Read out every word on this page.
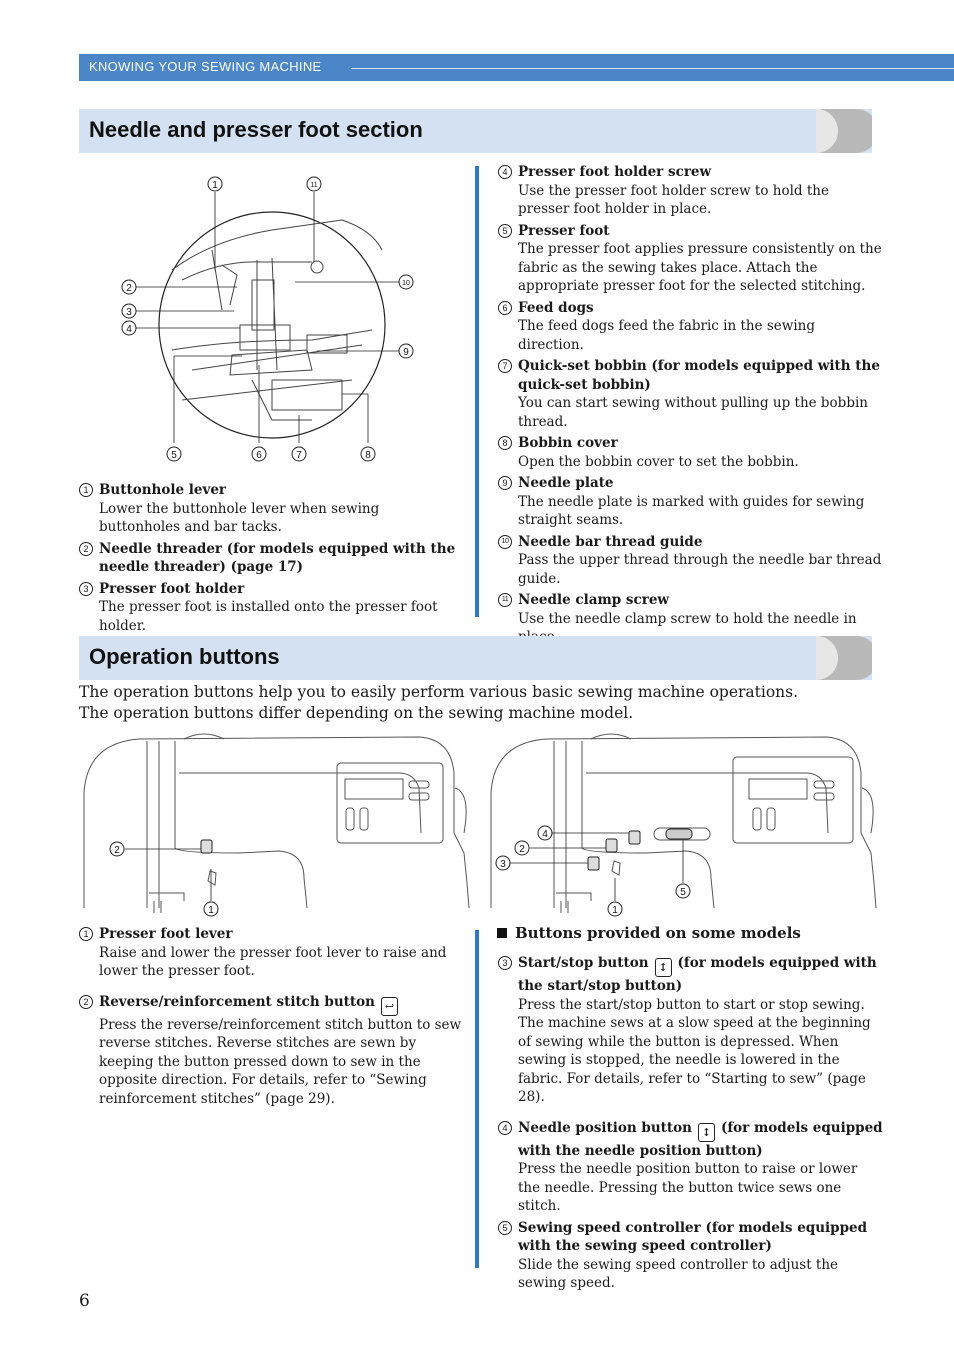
KNOWING YOUR SEWING MACHINE
Needle and presser foot section
1	11
2	10
3
4
9
5	6	7	8
1 Buttonhole lever
Lower the buttonhole lever when sewing buttonholes and bar tacks.
2 Needle threader (for models equipped with the needle threader) (page 17)
3 Presser foot holder
The presser foot is installed onto the presser foot holder.
4 Presser foot holder screw
Use the presser foot holder screw to hold the presser foot holder in place.
5 Presser foot
The presser foot applies pressure consistently on the fabric as the sewing takes place. Attach the appropriate presser foot for the selected stitching.
6 Feed dogs
The feed dogs feed the fabric in the sewing direction.
7 Quick-set bobbin (for models equipped with the quick-set bobbin)
You can start sewing without pulling up the bobbin thread.
8 Bobbin cover
Open the bobbin cover to set the bobbin.
9 Needle plate
The needle plate is marked with guides for sewing straight seams.
10 Needle bar thread guide
Pass the upper thread through the needle bar thread guide.
11 Needle clamp screw
Use the needle clamp screw to hold the needle in
Operation buttons
The operation buttons help you to easily perform various basic sewing machine operations.
The operation buttons differ depending on the sewing machine model.
2
1
4
2
3
5
1
1 Presser foot lever
Raise and lower the presser foot lever to raise and lower the presser foot.
2 Reverse/reinforcement stitch button ↩
Press the reverse/reinforcement stitch button to sew reverse stitches. Reverse stitches are sewn by keeping the button pressed down to sew in the opposite direction. For details, refer to “Sewing reinforcement stitches” (page 29).
Buttons provided on some models
3 Start/stop button ↕ (for models equipped with the start/stop button)
Press the start/stop button to start or stop sewing. The machine sews at a slow speed at the beginning of sewing while the button is depressed. When sewing is stopped, the needle is lowered in the fabric. For details, refer to “Starting to sew” (page 28).
4 Needle position button ↕ (for models equipped with the needle position button)
Press the needle position button to raise or lower the needle. Pressing the button twice sews one stitch.
5 Sewing speed controller (for models equipped with the sewing speed controller)
Slide the sewing speed controller to adjust the sewing speed.
6
